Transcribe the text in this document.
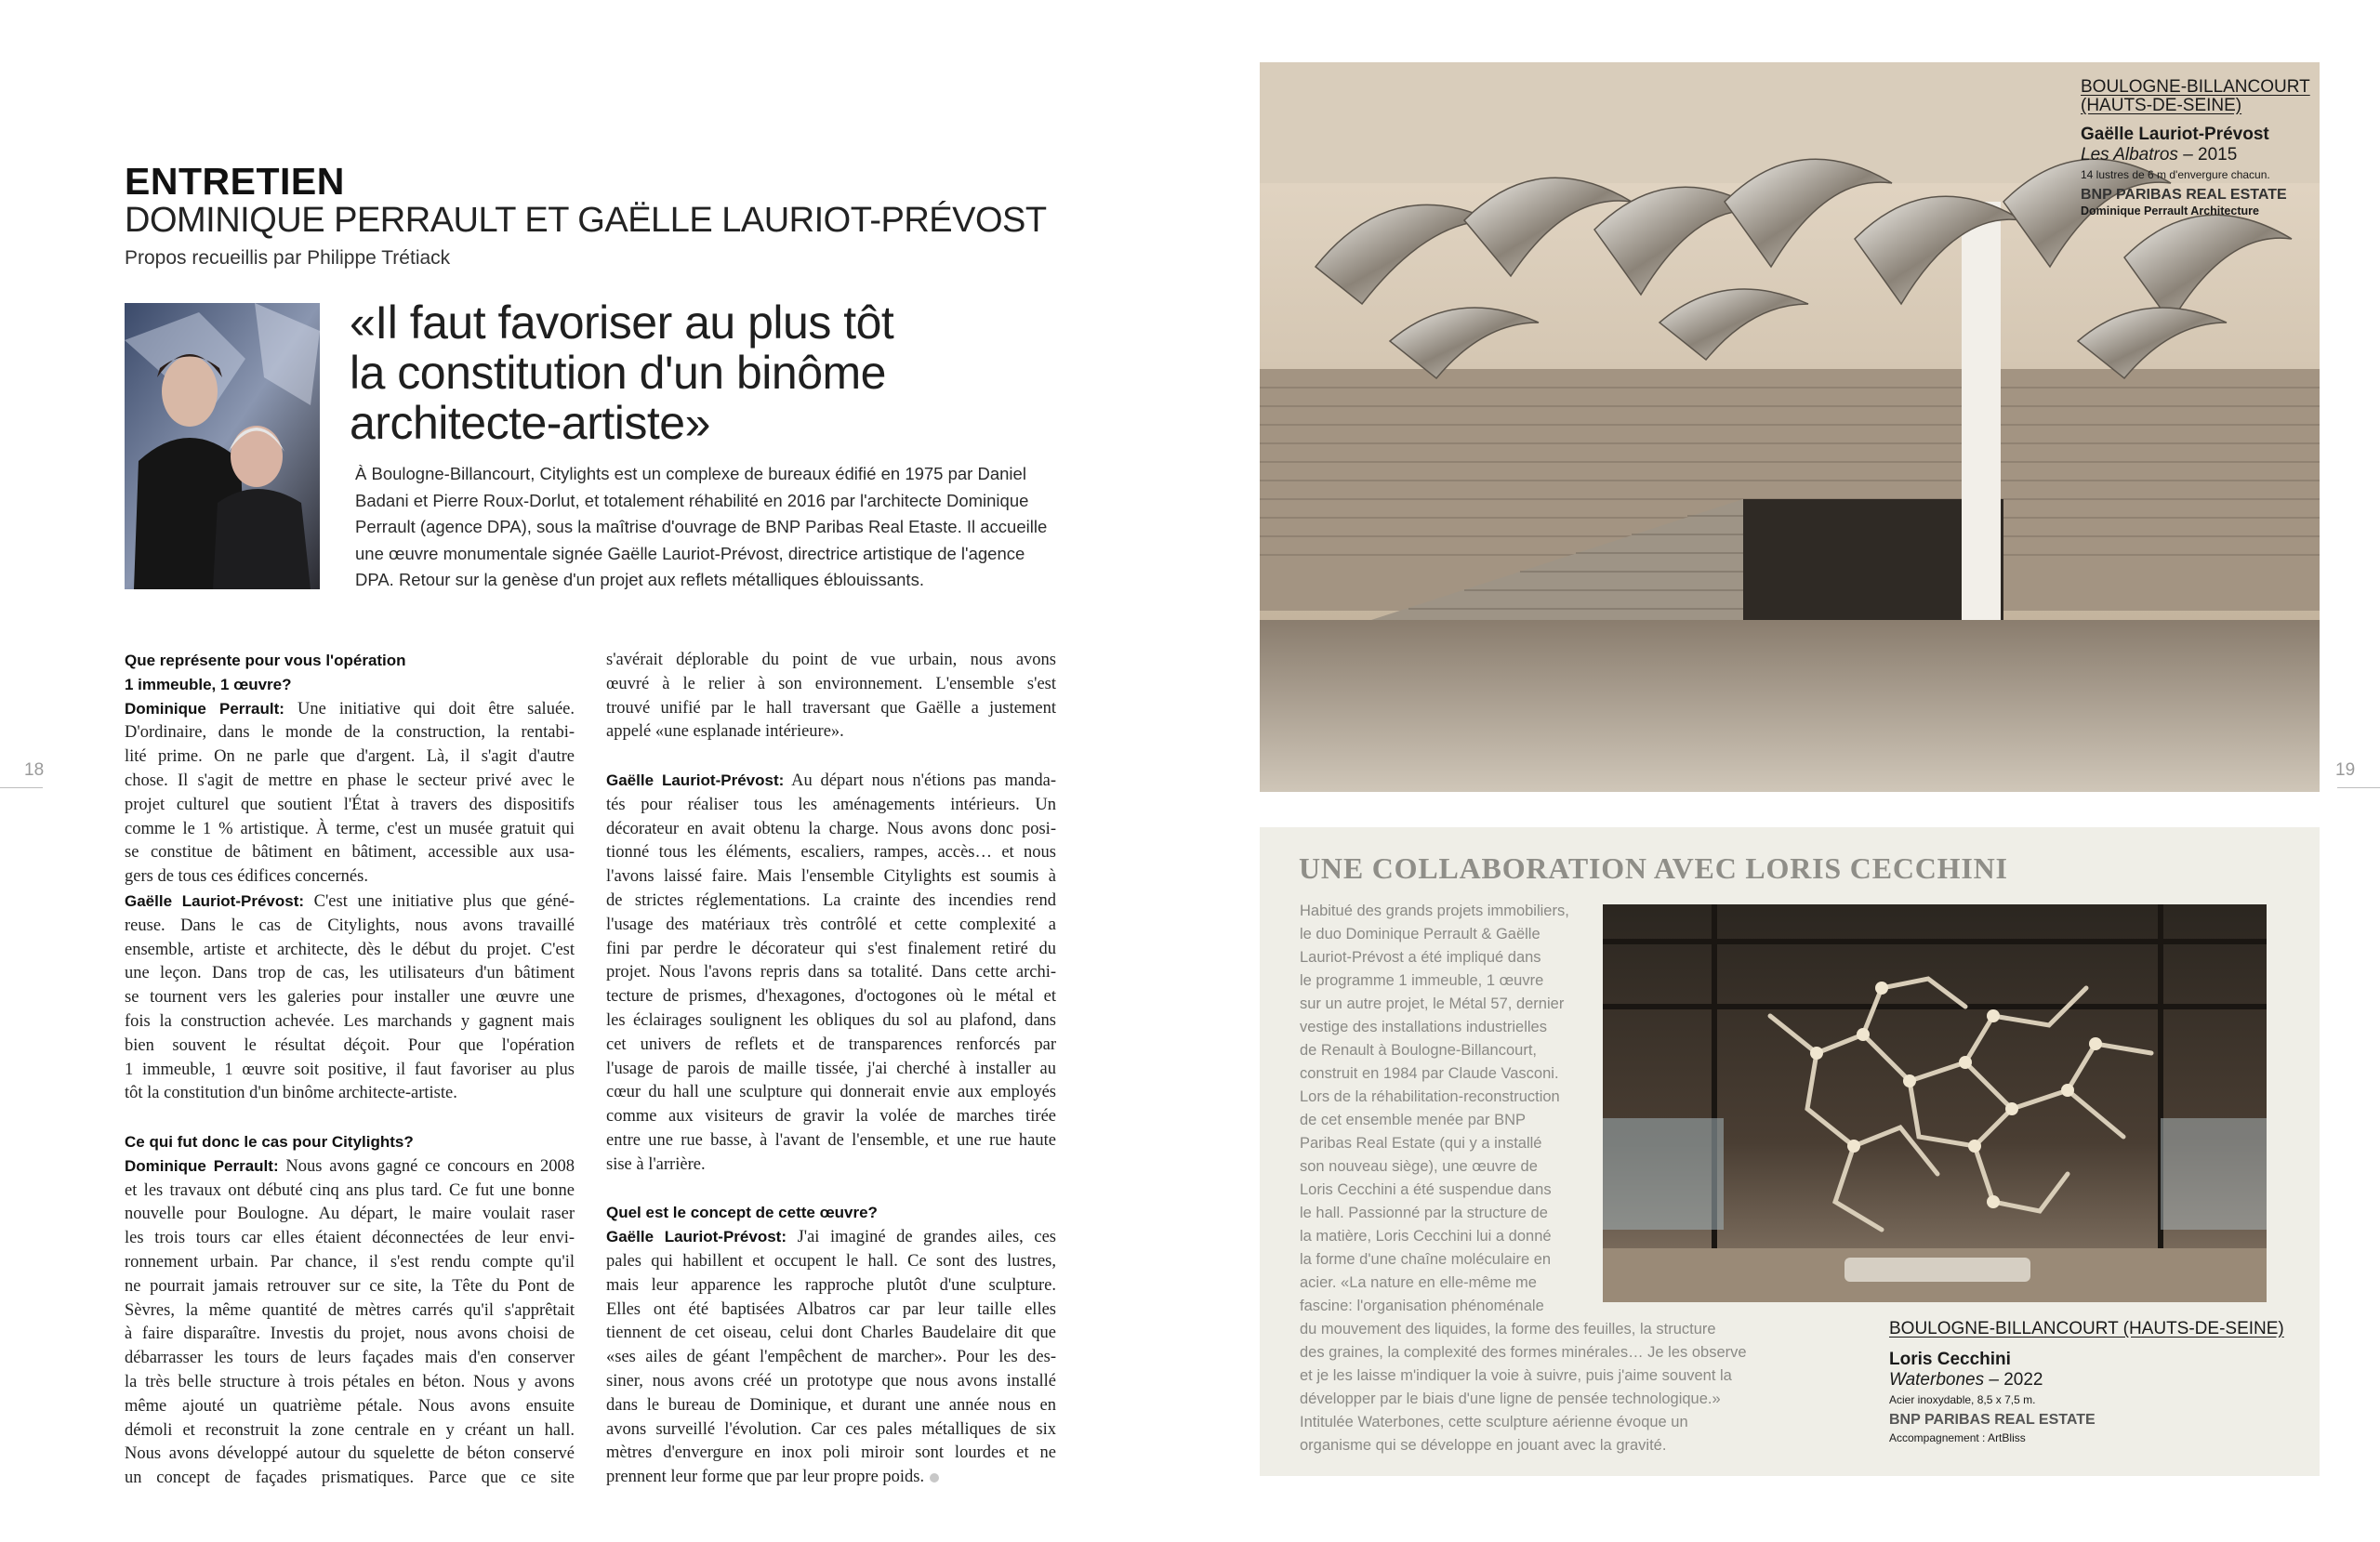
18	19
ENTRETIEN
DOMINIQUE PERRAULT ET GAËLLE LAURIOT-PRÉVOST
Propos recueillis par Philippe Trétiack
«Il faut favoriser au plus tôt
la constitution d'un binôme
architecte-artiste»
À Boulogne-Billancourt, Citylights est un complexe de bureaux édifié en 1975 par Daniel
Badani et Pierre Roux-Dorlut, et totalement réhabilité en 2016 par l'architecte Dominique
Perrault (agence DPA), sous la maîtrise d'ouvrage de BNP Paribas Real Etaste. Il accueille
une œuvre monumentale signée Gaëlle Lauriot-Prévost, directrice artistique de l'agence
DPA. Retour sur la genèse d'un projet aux reflets métalliques éblouissants.
Que représente pour vous l'opération
1 immeuble, 1 œuvre?
Dominique Perrault: Une initiative qui doit être saluée.
D'ordinaire, dans le monde de la construction, la rentabi-
lité prime. On ne parle que d'argent. Là, il s'agit d'autre
chose. Il s'agit de mettre en phase le secteur privé avec le
projet culturel que soutient l'État à travers des dispositifs
comme le 1 % artistique. À terme, c'est un musée gratuit qui
se constitue de bâtiment en bâtiment, accessible aux usa-
gers de tous ces édifices concernés.
Gaëlle Lauriot-Prévost: C'est une initiative plus que géné-
reuse. Dans le cas de Citylights, nous avons travaillé
ensemble, artiste et architecte, dès le début du projet. C'est
une leçon. Dans trop de cas, les utilisateurs d'un bâtiment
se tournent vers les galeries pour installer une œuvre une
fois la construction achevée. Les marchands y gagnent mais
bien souvent le résultat déçoit. Pour que l'opération
1 immeuble, 1 œuvre soit positive, il faut favoriser au plus
tôt la constitution d'un binôme architecte-artiste.
Ce qui fut donc le cas pour Citylights?
Dominique Perrault: Nous avons gagné ce concours en 2008
et les travaux ont débuté cinq ans plus tard. Ce fut une bonne
nouvelle pour Boulogne. Au départ, le maire voulait raser
les trois tours car elles étaient déconnectées de leur envi-
ronnement urbain. Par chance, il s'est rendu compte qu'il
ne pourrait jamais retrouver sur ce site, la Tête du Pont de
Sèvres, la même quantité de mètres carrés qu'il s'apprêtait
à faire disparaître. Investis du projet, nous avons choisi de
débarrasser les tours de leurs façades mais d'en conserver
la très belle structure à trois pétales en béton. Nous y avons
même ajouté un quatrième pétale. Nous avons ensuite
démoli et reconstruit la zone centrale en y créant un hall.
Nous avons développé autour du squelette de béton conservé
un concept de façades prismatiques. Parce que ce site
s'avérait déplorable du point de vue urbain, nous avons
œuvré à le relier à son environnement. L'ensemble s'est
trouvé unifié par le hall traversant que Gaëlle a justement
appelé «une esplanade intérieure».
Gaëlle Lauriot-Prévost: Au départ nous n'étions pas manda-
tés pour réaliser tous les aménagements intérieurs. Un
décorateur en avait obtenu la charge. Nous avons donc posi-
tionné tous les éléments, escaliers, rampes, accès… et nous
l'avons laissé faire. Mais l'ensemble Citylights est soumis à
de strictes réglementations. La crainte des incendies rend
l'usage des matériaux très contrôlé et cette complexité a
fini par perdre le décorateur qui s'est finalement retiré du
projet. Nous l'avons repris dans sa totalité. Dans cette archi-
tecture de prismes, d'hexagones, d'octogones où le métal et
les éclairages soulignent les obliques du sol au plafond, dans
cet univers de reflets et de transparences renforcés par
l'usage de parois de maille tissée, j'ai cherché à installer au
cœur du hall une sculpture qui donnerait envie aux employés
comme aux visiteurs de gravir la volée de marches tirée
entre une rue basse, à l'avant de l'ensemble, et une rue haute
sise à l'arrière.
Quel est le concept de cette œuvre?
Gaëlle Lauriot-Prévost: J'ai imaginé de grandes ailes, ces
pales qui habillent et occupent le hall. Ce sont des lustres,
mais leur apparence les rapproche plutôt d'une sculpture.
Elles ont été baptisées Albatros car par leur taille elles
tiennent de cet oiseau, celui dont Charles Baudelaire dit que
«ses ailes de géant l'empêchent de marcher». Pour les des-
siner, nous avons créé un prototype que nous avons installé
dans le bureau de Dominique, et durant une année nous en
avons surveillé l'évolution. Car ces pales métalliques de six
mètres d'envergure en inox poli miroir sont lourdes et ne
prennent leur forme que par leur propre poids.
BOULOGNE-BILLANCOURT
(HAUTS-DE-SEINE)
Gaëlle Lauriot-Prévost
Les Albatros – 2015
14 lustres de 6 m d'envergure chacun.
BNP PARIBAS REAL ESTATE
Dominique Perrault Architecture
UNE COLLABORATION AVEC LORIS CECCHINI
Habitué des grands projets immobiliers,
le duo Dominique Perrault & Gaëlle
Lauriot-Prévost a été impliqué dans
le programme 1 immeuble, 1 œuvre
sur un autre projet, le Métal 57, dernier
vestige des installations industrielles
de Renault à Boulogne-Billancourt,
construit en 1984 par Claude Vasconi.
Lors de la réhabilitation-reconstruction
de cet ensemble menée par BNP
Paribas Real Estate (qui y a installé
son nouveau siège), une œuvre de
Loris Cecchini a été suspendue dans
le hall. Passionné par la structure de
la matière, Loris Cecchini lui a donné
la forme d'une chaîne moléculaire en
acier. «La nature en elle-même me
fascine: l'organisation phénoménale
du mouvement des liquides, la forme des feuilles, la structure
des graines, la complexité des formes minérales… Je les observe
et je les laisse m'indiquer la voie à suivre, puis j'aime souvent la
développer par le biais d'une ligne de pensée technologique.»
Intitulée Waterbones, cette sculpture aérienne évoque un
organisme qui se développe en jouant avec la gravité.
BOULOGNE-BILLANCOURT (HAUTS-DE-SEINE)
Loris Cecchini
Waterbones – 2022
Acier inoxydable, 8,5 x 7,5 m.
BNP PARIBAS REAL ESTATE
Accompagnement : ArtBliss
